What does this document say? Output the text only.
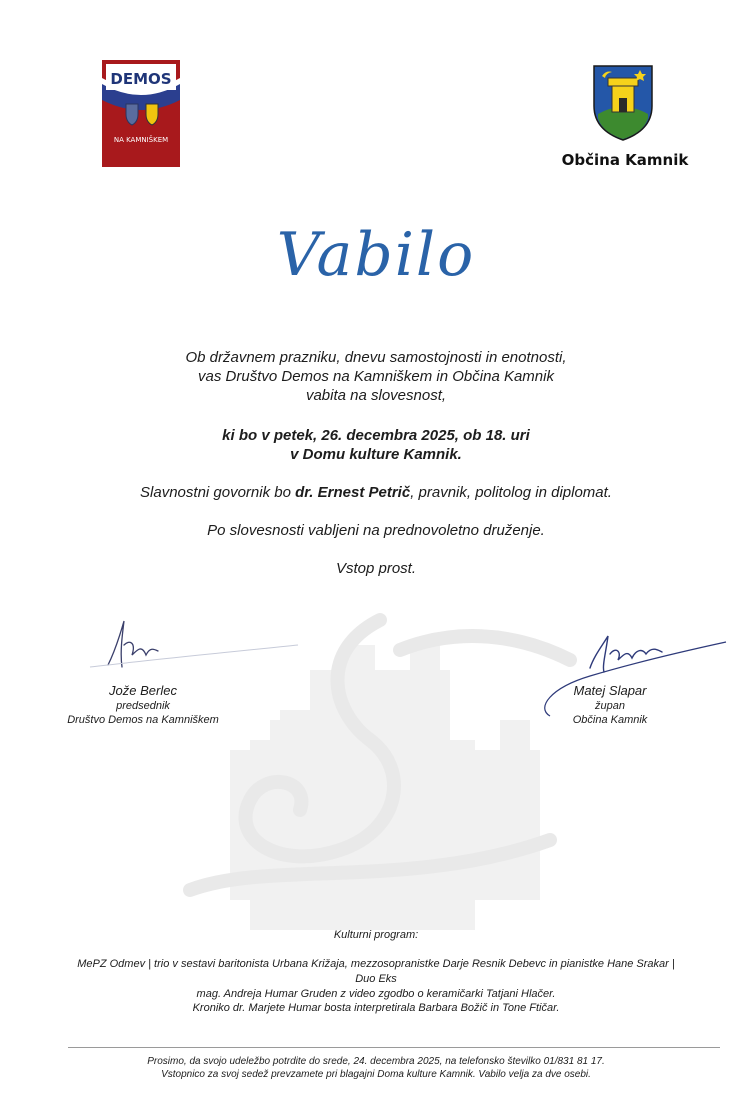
DEMOS
NA KAMNIŠKEM
Občina Kamnik
Vabilo
Ob državnem prazniku, dnevu samostojnosti in enotnosti,
vas Društvo Demos na Kamniškem in Občina Kamnik
vabita na slovesnost,
ki bo v petek, 26. decembra 2025, ob 18. uri
v Domu kulture Kamnik.
Slavnostni govornik bo dr. Ernest Petrič, pravnik, politolog in diplomat.
Po slovesnosti vabljeni na prednovoletno druženje.
Vstop prost.
Jože Berlec
predsednik
Društvo Demos na Kamniškem
Matej Slapar
župan
Občina Kamnik
Kulturni program:
MePZ Odmev | trio v sestavi baritonista Urbana Križaja, mezzosopranistke Darje Resnik Debevc in pianistke Hane Srakar | Duo Eks
mag. Andreja Humar Gruden z video zgodbo o keramičarki Tatjani Hlačer.
Kroniko dr. Marjete Humar bosta interpretirala Barbara Božič in Tone Ftičar.
Prosimo, da svojo udeležbo potrdite do srede, 24. decembra 2025, na telefonsko številko 01/831 81 17.
Vstopnico za svoj sedež prevzamete pri blagajni Doma kulture Kamnik. Vabilo velja za dve osebi.
